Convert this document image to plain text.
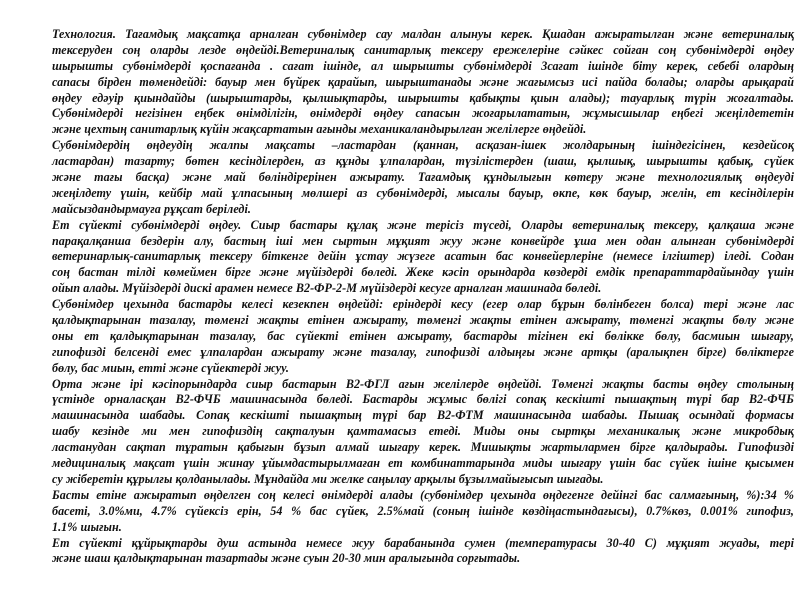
Технология. Тағамдық мақсатқа арналған субөнімдер сау малдан алынуы керек. Қшадан ажыратылған және ветериналық
тексеруден соң оларды лезде өңдейді.Ветериналық санитарлық тексеру ережелеріне сәйкес сойған соң субөнімдерді өңдеу
шырышты субөнімдерді қоспағанда . сағат ішінде, ал шырышты субөнімдерді 3сағат ішінде біту керек, себебі олардың
сапасы бірден төмендейді: бауыр мен бүйрек қарайып, шырыштанады және жағымсыз исі пайда болады; оларды арықарай
өңдеу едәуір қиындайды (шырыштарды, қылшықтарды, шырышты қабықты қиын алады); тауарлық түрін жоғалтады.
Субөнімдерді негізінен еңбек өнімділігін, өнімдерді өңдеу сапасын жоғарылататын, жұмысшылар еңбегі жеңілдететін
және цехтың санитарлық күйін жақсартатын ағынды механикаландырылған желілерге өңдейді.
Субөнімдердің өңдеудің жалпы мақсаты –ластардан (қаннан, асқазан-ішек жолдарының ішіндегісінен, кездейсоқ
ластардан) тазарту; бөтен кесінділерден, аз құнды ұлпалардан, түзілістерден (шаш, қылшық, шырышты қабық, сүйек
және тағы басқа) және май бөліндірерінен ажырату. Тағамдық құндылығын көтеру және технологиялық өңдеуді
жеңілдету үшін, кейбір май ұлпасының мөлшері аз субөнімдерді, мысалы бауыр, өкпе, көк бауыр, желін, ет кесінділерін
майсыздандырмауға рұқсат беріледі.
Ет сүйекті субөнімдерді өңдеу. Сиыр бастары құлақ және терісіз түседі, Оларды ветериналық тексеру, қалқаша және
парақалқанша бездерін алу, бастың іші мен сыртын мұқият жуу және конвейрде ұша мен одан алынған субөнімдерді
ветеринарлық-санитарлық тексеру біткенге дейін ұстау жүзеге асатын бас конвейерлеріне (немесе ілгіштер) іледі. Содан
соң бастан тілді көмеймен бірге және мүйіздерді бөледі. Жеке кәсіп орындарда көздерді емдік препараттардайындау үшін
ойып алады. Мүйіздерді дискі арамен немесе В2-ФР-2-М мүйіздерді кесуге арналған машинада бөледі.
Субөнімдер цехында бастарды келесі кезекпен өңдейді: еріндерді кесу (егер олар бұрын бөлінбеген болса) тері және лас
қалдықтарынан тазалау, төменгі жақты етінен ажырату, төменгі жақты етінен ажырату, төменгі жақты бөлу және
оны ет қалдықтарынан тазалау, бас сүйекті етінен ажырату, бастарды тігінен екі бөлікке бөлу, басмиын шығару,
гипофизді белсенді емес ұлпалардан ажырату және тазалау, гипофизді алдыңғы және артқы (аралықпен бірге) бөліктерге
бөлу, бас миын, етті және сүйектерді жуу.
Орта және ірі кәсіпорындарда сиыр бастарын В2-ФГЛ ағын желілерде өңдейді. Төменгі жақты басты өңдеу столының
үстінде орналасқан В2-ФЧБ машинасында бөледі. Бастарды жұмыс бөлігі сопақ кескішті пышақтың түрі бар В2-ФЧБ
машинасында шабады. Сопақ кескішті пышақтың түрі бар В2-ФТМ машинасында шабады. Пышақ осындай формасы
шабу кезінде ми мен гипофиздің сақталуын қамтамасыз етеді. Миды оны сыртқы механикалық және микробдық
ластанудан сақтап тұратын қабығын бұзып алмай шығару керек. Мишықты жартылармен бірге қалдырады. Гипофизді
медициналық мақсат үшін жинау ұйымдастырылмаған ет комбинаттарында миды шығару үшін бас сүйек ішіне қысымен
су жіберетін құрылғы қолданылады. Мұндайда ми желке саңылау арқылы бұзылмайығысып шығады.
Басты етіне ажыратып өңделген соң келесі өнімдерді алады (субөнімдер цехында өңдегенге дейінгі бас салмағының, %):34 %
басеті, 3.0%ми, 4.7% сүйексіз ерін, 54 % бас сүйек, 2.5%май (соның ішінде көздіңастындағысы), 0.7%көз, 0.001% гипофиз,
1.1% шығын.
Ет сүйекті құйрықтарды душ астында немесе жуу барабанында сумен (температурасы 30-40 С) мұқият жуады, тері
және шаш қалдықтарынан тазартады және суын 20-30 мин аралығында сорғытады.
